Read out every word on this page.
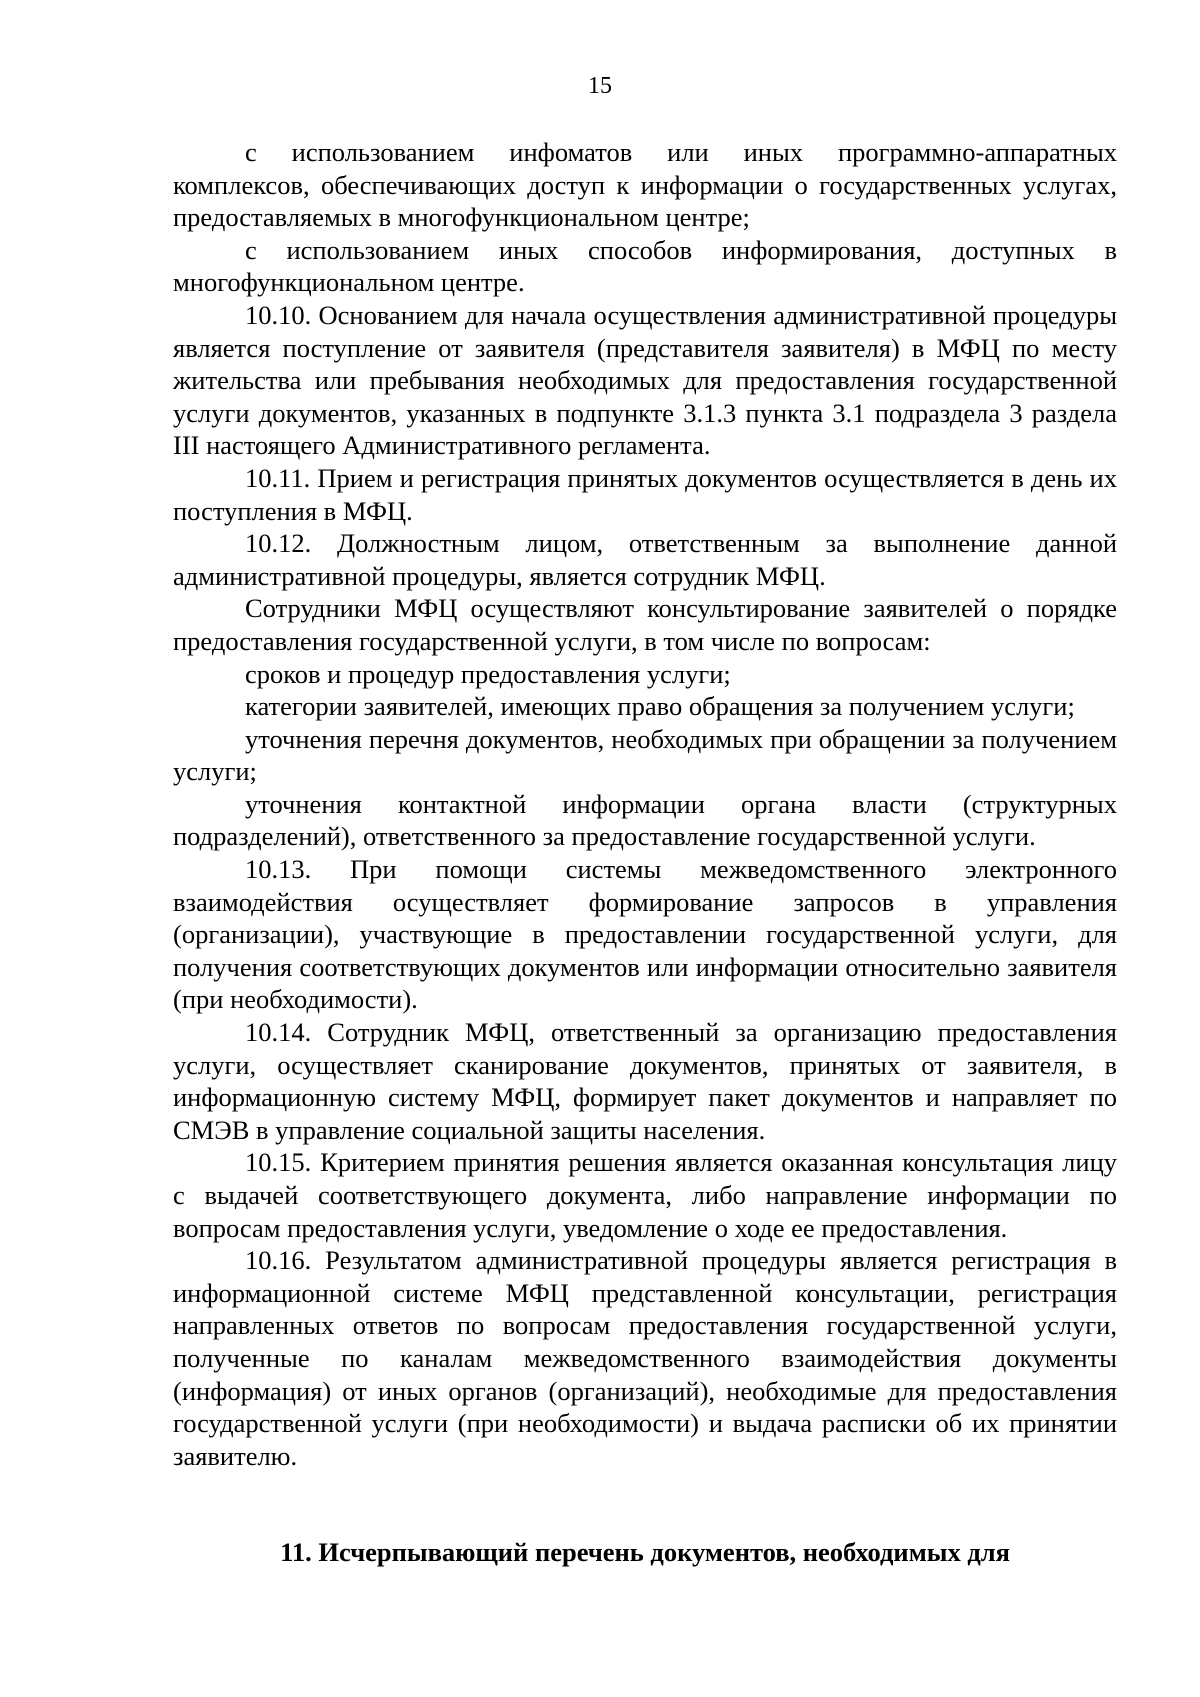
15

с использованием инфоматов или иных программно-аппаратных комплексов, обеспечивающих доступ к информации о государственных услугах, предоставляемых в многофункциональном центре;

с использованием иных способов информирования, доступных в многофункциональном центре.

10.10. Основанием для начала осуществления административной процедуры является поступление от заявителя (представителя заявителя) в МФЦ по месту жительства или пребывания необходимых для предоставления государственной услуги документов, указанных в подпункте 3.1.3 пункта 3.1 подраздела 3 раздела III настоящего Административного регламента.

10.11. Прием и регистрация принятых документов осуществляется в день их поступления в МФЦ.

10.12. Должностным лицом, ответственным за выполнение данной административной процедуры, является сотрудник МФЦ.

Сотрудники МФЦ осуществляют консультирование заявителей о порядке предоставления государственной услуги, в том числе по вопросам:

сроков и процедур предоставления услуги;

категории заявителей, имеющих право обращения за получением услуги;

уточнения перечня документов, необходимых при обращении за получением услуги;

уточнения контактной информации органа власти (структурных подразделений), ответственного за предоставление государственной услуги.

10.13. При помощи системы межведомственного электронного взаимодействия осуществляет формирование запросов в управления (организации), участвующие в предоставлении государственной услуги, для получения соответствующих документов или информации относительно заявителя (при необходимости).

10.14. Сотрудник МФЦ, ответственный за организацию предоставления услуги, осуществляет сканирование документов, принятых от заявителя, в информационную систему МФЦ, формирует пакет документов и направляет по СМЭВ в управление социальной защиты населения.

10.15. Критерием принятия решения является оказанная консультация лицу с выдачей соответствующего документа, либо направление информации по вопросам предоставления услуги, уведомление о ходе ее предоставления.

10.16. Результатом административной процедуры является регистрация в информационной системе МФЦ представленной консультации, регистрация направленных ответов по вопросам предоставления государственной услуги, полученные по каналам межведомственного взаимодействия документы (информация) от иных органов (организаций), необходимые для предоставления государственной услуги (при необходимости) и выдача расписки об их принятии заявителю.

11. Исчерпывающий перечень документов, необходимых для
